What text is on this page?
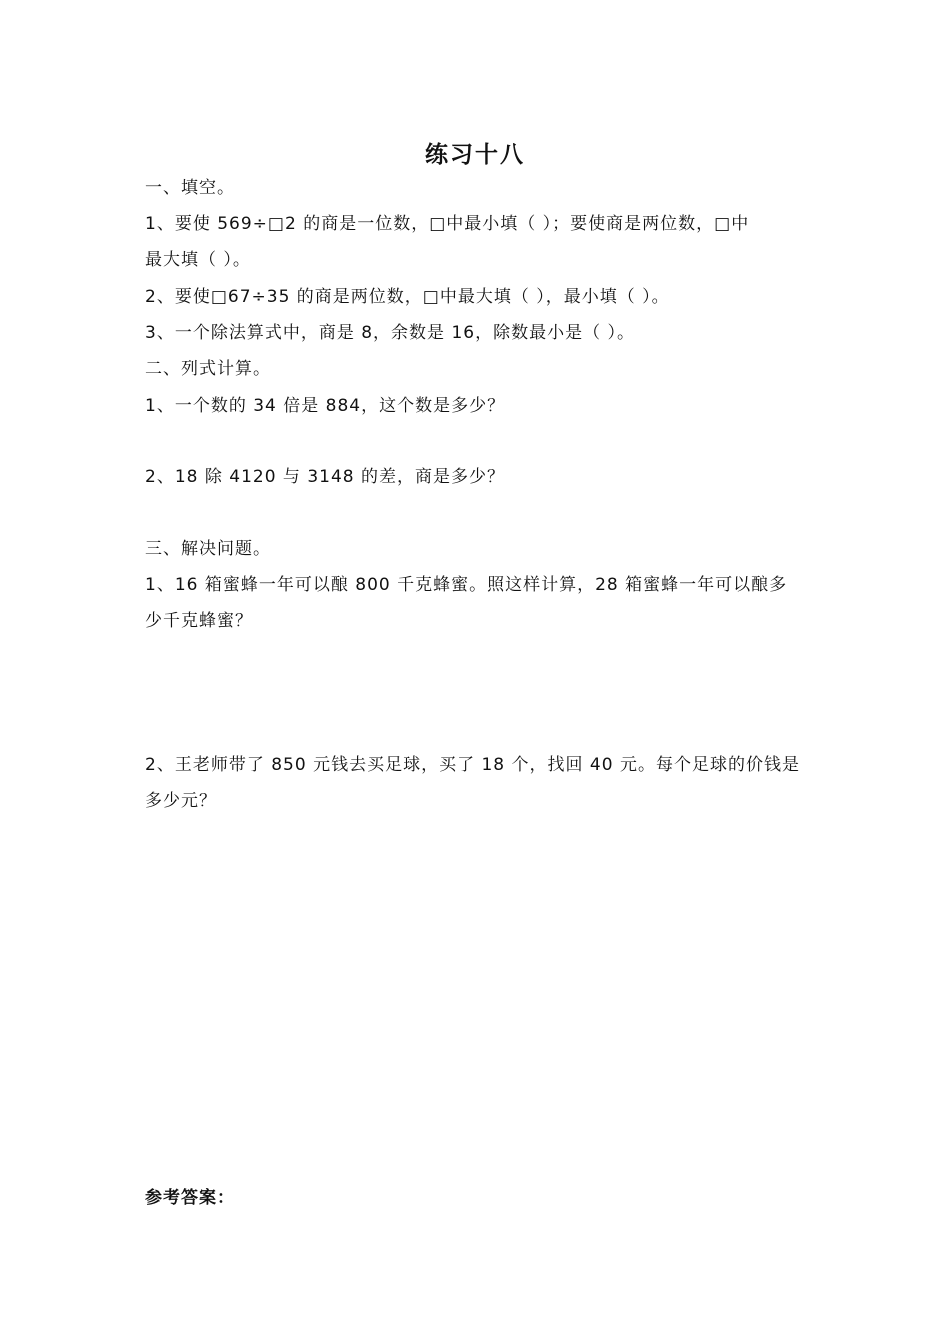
练习十八
一、填空。
1、要使 569÷□2 的商是一位数，□中最小填（ ）；要使商是两位数，□中
最大填（ ）。
2、要使□67÷35 的商是两位数，□中最大填（ ），最小填（ ）。
3、一个除法算式中，商是 8，余数是 16，除数最小是（ ）。
二、列式计算。
1、一个数的 34 倍是 884，这个数是多少？
2、18 除 4120 与 3148 的差，商是多少？
三、解决问题。
1、16 箱蜜蜂一年可以酿 800 千克蜂蜜。照这样计算，28 箱蜜蜂一年可以酿多
少千克蜂蜜？
2、王老师带了 850 元钱去买足球，买了 18 个，找回 40 元。每个足球的价钱是
多少元？
参考答案：
